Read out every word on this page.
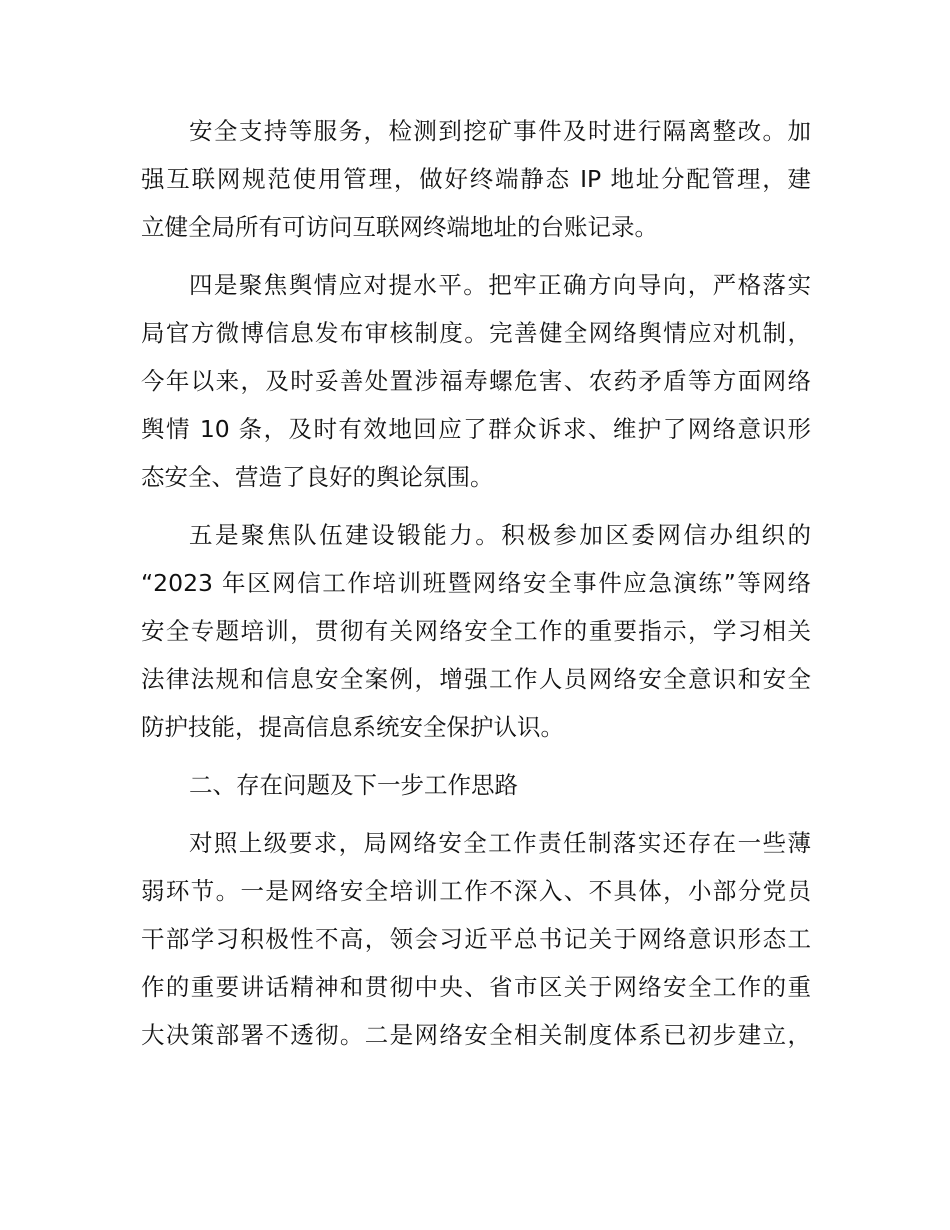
安全支持等服务，检测到挖矿事件及时进行隔离整改。加
强互联网规范使用管理，做好终端静态 IP 地址分配管理，建
立健全局所有可访问互联网终端地址的台账记录。
四是聚焦舆情应对提水平。把牢正确方向导向，严格落实
局官方微博信息发布审核制度。完善健全网络舆情应对机制，
今年以来，及时妥善处置涉福寿螺危害、农药矛盾等方面网络
舆情 10 条，及时有效地回应了群众诉求、维护了网络意识形
态安全、营造了良好的舆论氛围。
五是聚焦队伍建设锻能力。积极参加区委网信办组织的
“2023 年区网信工作培训班暨网络安全事件应急演练”等网络
安全专题培训，贯彻有关网络安全工作的重要指示，学习相关
法律法规和信息安全案例，增强工作人员网络安全意识和安全
防护技能，提高信息系统安全保护认识。
二、存在问题及下一步工作思路
对照上级要求，局网络安全工作责任制落实还存在一些薄
弱环节。一是网络安全培训工作不深入、不具体，小部分党员
干部学习积极性不高，领会习近平总书记关于网络意识形态工
作的重要讲话精神和贯彻中央、省市区关于网络安全工作的重
大决策部署不透彻。二是网络安全相关制度体系已初步建立，
